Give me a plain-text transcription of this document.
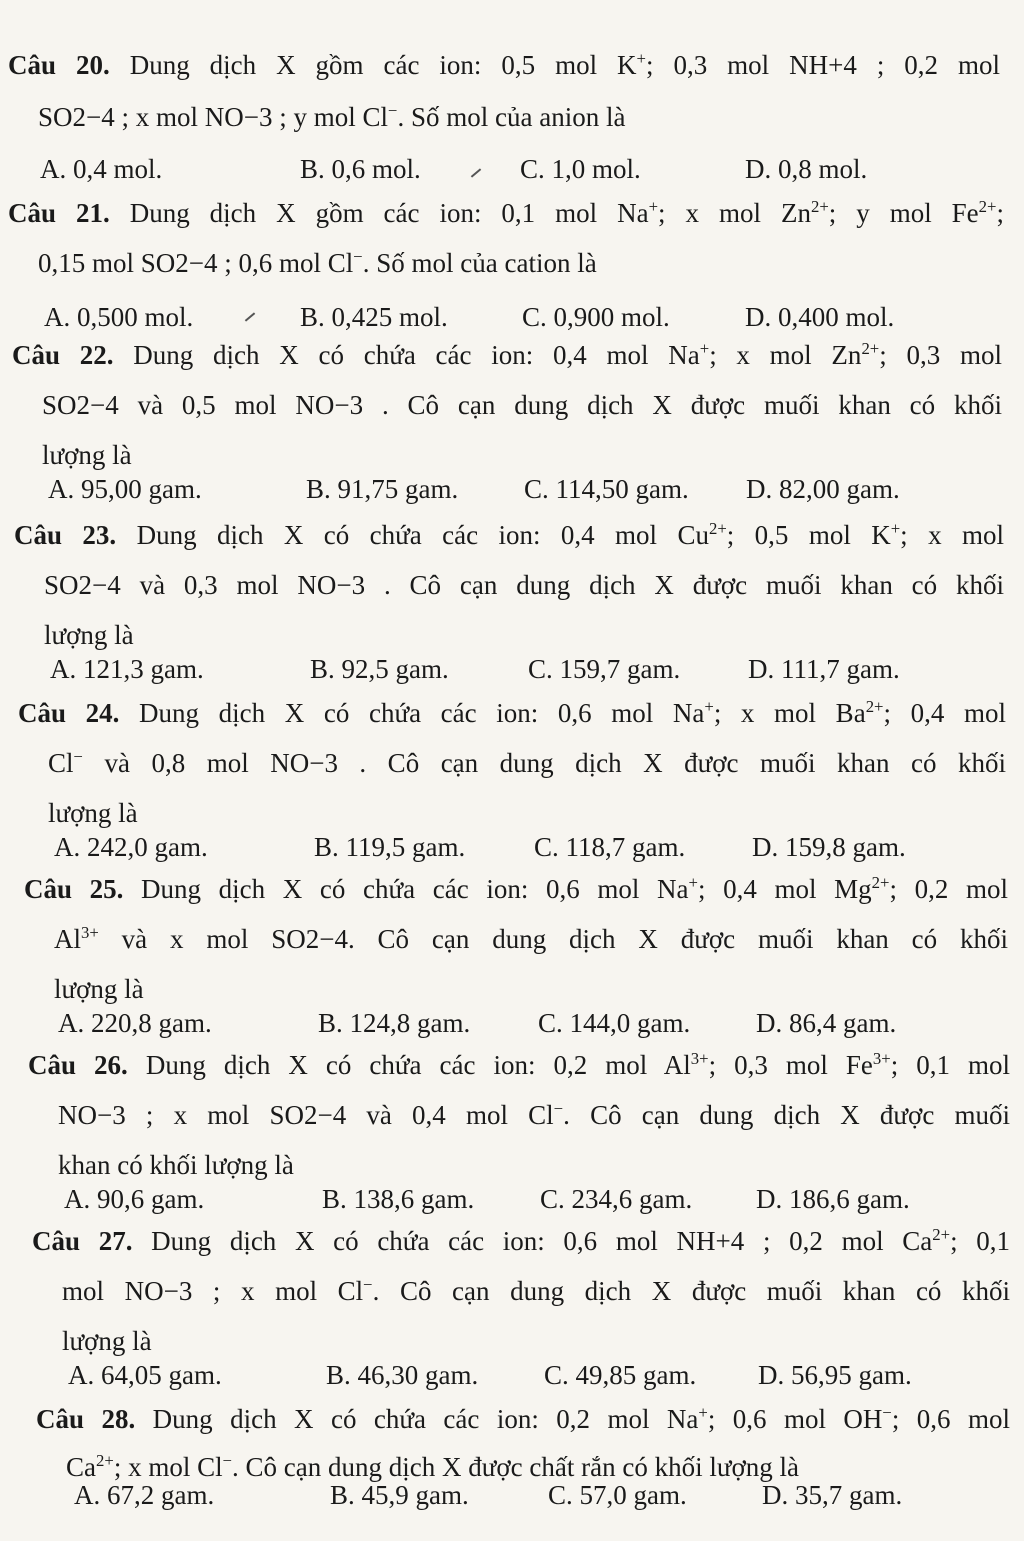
Câu 20. Dung dịch X gồm các ion: 0,5 mol K+; 0,3 mol NH+4 ; 0,2 mol
SO2−4 ; x mol NO−3 ; y mol Cl−. Số mol của anion là
A. 0,4 mol.	B. 0,6 mol.	C. 1,0 mol.	D. 0,8 mol.
Câu 21. Dung dịch X gồm các ion: 0,1 mol Na+; x mol $Zn^{2+}$; y mol $Fe^{2+}$;
0,15 mol SO2−4 ; 0,6 mol Cl−. Số mol của cation là
A. 0,500 mol.	B. 0,425 mol.	C. 0,900 mol.	D. 0,400 mol.
Câu 22. Dung dịch X có chứa các ion: 0,4 mol Na+; x mol $Zn^{2+}$; 0,3 mol
SO2−4 và 0,5 mol NO−3 . Cô cạn dung dịch X được muối khan có khối
lượng là
A. 95,00 gam.	B. 91,75 gam. C. 114,50 gam. D. 82,00 gam.
Câu 23. Dung dịch X có chứa các ion: 0,4 mol $Cu^{2+}$; 0,5 mol K+; x mol
SO2−4 và 0,3 mol NO−3 . Cô cạn dung dịch X được muối khan có khối
lượng là
A. 121,3 gam.	B. 92,5 gam.	C. 159,7 gam.	D. 111,7 gam.
Câu 24. Dung dịch X có chứa các ion: 0,6 mol Na+; x mol $Ba^{2+}$; 0,4 mol
Cl− và 0,8 mol NO−3 . Cô cạn dung dịch X được muối khan có khối
lượng là
A. 242,0 gam.	B. 119,5 gam.	C. 118,7 gam. D. 159,8 gam.
Câu 25. Dung dịch X có chứa các ion: 0,6 mol Na+; 0,4 mol $Mg^{2+}$; 0,2 mol
$Al^{3+}$ và x mol SO2−4. Cô cạn dung dịch X được muối khan có khối
lượng là
A. 220,8 gam.	B. 124,8 gam.	C. 144,0 gam. D. 86,4 gam.
Câu 26. Dung dịch X có chứa các ion: 0,2 mol $Al^{3+}$; 0,3 mol $Fe^{3+}$; 0,1 mol
NO−3 ; x mol SO2−4 và 0,4 mol Cl−. Cô cạn dung dịch X được muối
khan có khối lượng là
A. 90,6 gam.	B. 138,6 gam. C. 234,6 gam. D. 186,6 gam.
Câu 27. Dung dịch X có chứa các ion: 0,6 mol NH+4 ; 0,2 mol $Ca^{2+}$; 0,1
mol NO−3 ; x mol Cl−. Cô cạn dung dịch X được muối khan có khối
lượng là
A. 64,05 gam.	B. 46,30 gam. C. 49,85 gam. D. 56,95 gam.
Câu 28. Dung dịch X có chứa các ion: 0,2 mol Na+; 0,6 mol OH−; 0,6 mol
$Ca^{2+}$; x mol Cl−. Cô cạn dung dịch X được chất rắn có khối lượng là
A. 67,2 gam.	B. 45,9 gam.	C. 57,0 gam.	D. 35,7 gam.
